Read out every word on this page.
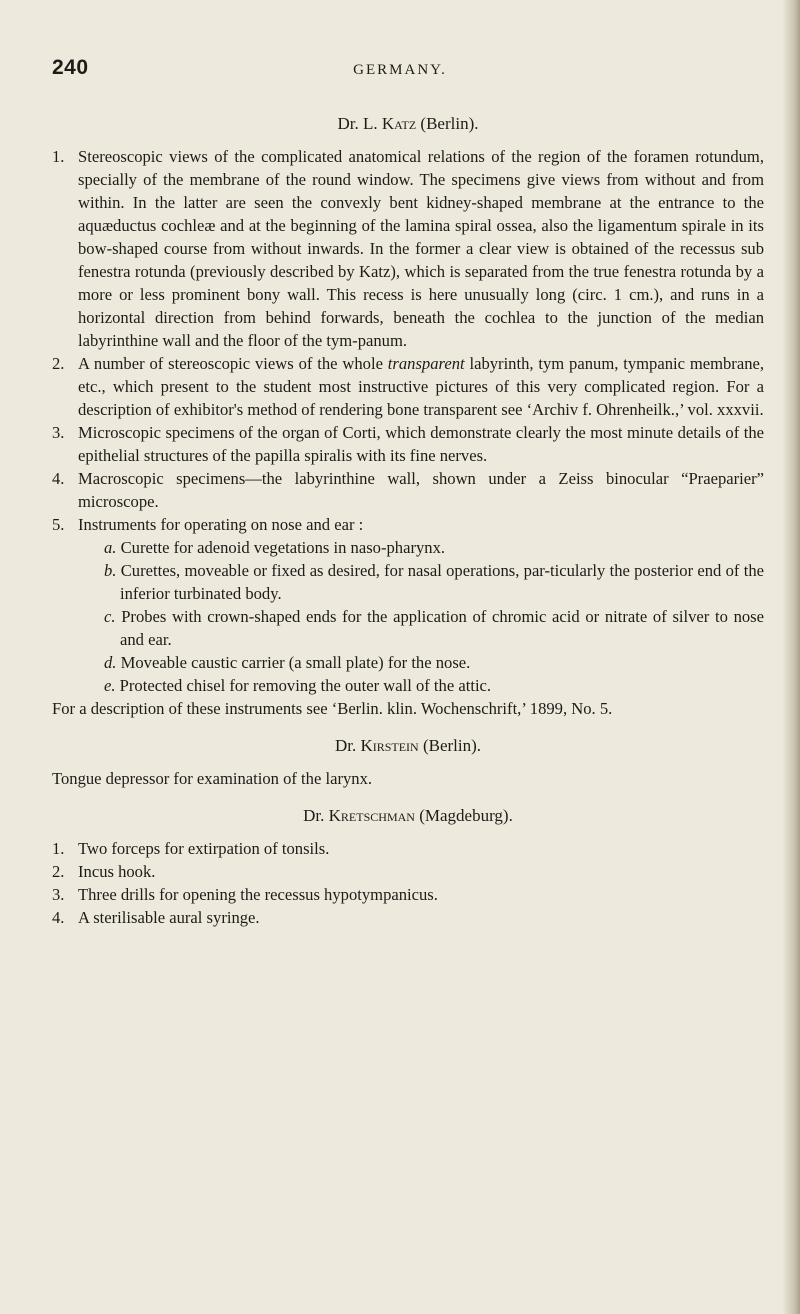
240	GERMANY.
Dr. L. Katz (Berlin).
1. Stereoscopic views of the complicated anatomical relations of the region of the foramen rotundum, specially of the membrane of the round window. The specimens give views from without and from within. In the latter are seen the convexly bent kidney-shaped membrane at the entrance to the aquæductus cochleæ and at the beginning of the lamina spiral ossea, also the ligamentum spirale in its bow-shaped course from without inwards. In the former a clear view is obtained of the recessus sub fenestra rotunda (previously described by Katz), which is separated from the true fenestra rotunda by a more or less prominent bony wall. This recess is here unusually long (circ. 1 cm.), and runs in a horizontal direction from behind forwards, beneath the cochlea to the junction of the median labyrinthine wall and the floor of the tym-panum.
2. A number of stereoscopic views of the whole transparent labyrinth, tym panum, tympanic membrane, etc., which present to the student most instructive pictures of this very complicated region. For a description of exhibitor's method of rendering bone transparent see ‘Archiv f. Ohrenheilk.,’ vol. xxxvii.
3. Microscopic specimens of the organ of Corti, which demonstrate clearly the most minute details of the epithelial structures of the papilla spiralis with its fine nerves.
4. Macroscopic specimens—the labyrinthine wall, shown under a Zeiss binocular “Praeparier” microscope.
5. Instruments for operating on nose and ear :
a. Curette for adenoid vegetations in naso-pharynx.
b. Curettes, moveable or fixed as desired, for nasal operations, par-ticularly the posterior end of the inferior turbinated body.
c. Probes with crown-shaped ends for the application of chromic acid or nitrate of silver to nose and ear.
d. Moveable caustic carrier (a small plate) for the nose.
e. Protected chisel for removing the outer wall of the attic.
For a description of these instruments see ‘Berlin. klin. Wochenschrift,’ 1899, No. 5.
Dr. Kirstein (Berlin).
Tongue depressor for examination of the larynx.
Dr. Kretschman (Magdeburg).
1. Two forceps for extirpation of tonsils.
2. Incus hook.
3. Three drills for opening the recessus hypotympanicus.
4. A sterilisable aural syringe.
